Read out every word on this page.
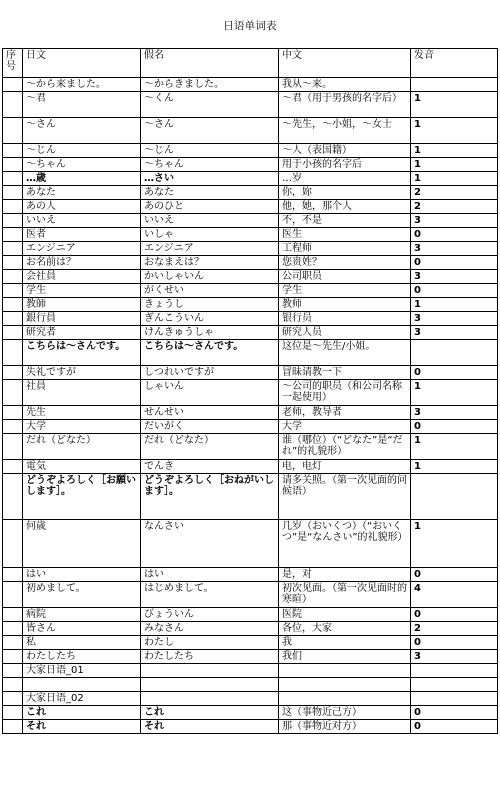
日语单词表
序号	日文	假名	中文	发音
	～から来ました。	～からきました。	我从～来。	
	～君	～くん	～君（用于男孩的名字后）	1
	～さん	～さん	～先生，～小姐，～女士	1
	～じん	～じん	～人（表国籍）	1
	～ちゃん	～ちゃん	用于小孩的名字后	1
	…歳	…さい	…岁	1
	あなた	あなた	你，妳	2
	あの人	あのひと	他，她，那个人	2
	いいえ	いいえ	不，不是	3
	医者	いしゃ	医生	0
	エンジニア	エンジニア	工程师	3
	お名前は？	おなまえは？	您贵姓？	0
	会社員	かいしゃいん	公司职员	3
	学生	がくせい	学生	0
	教師	きょうし	教师	1
	銀行員	ぎんこういん	银行员	3
	研究者	けんきゅうしゃ	研究人员	3
	こちらは～さんです。	こちらは～さんです。	这位是～先生/小姐。	
	失礼ですが	しつれいですが	冒昧请教一下	0
	社員	しゃいん	～公司的职员（和公司名称一起使用）	1
	先生	せんせい	老师，教导者	3
	大学	だいがく	大学	0
	だれ（どなた）	だれ（どなた）	谁（哪位）（“どなた”是“だれ”的礼貌形）	1
	電気	でんき	电，电灯	1
	どうぞよろしく［お願いします］。	どうぞよろしく［おねがいします］。	请多关照。（第一次见面的问候语）	
	何歳	なんさい	几岁（おいくつ）（“おいくつ”是“なんさい”的礼貌形）	1
	はい	はい	是，对	0
	初めまして。	はじめまして。	初次见面。（第一次见面时的寒暄）	4
	病院	びょういん	医院	0
	皆さん	みなさん	各位，大家	2
	私	わたし	我	0
	わたしたち	わたしたち	我们	3
	大家日语_01			

	大家日语_02			
	これ	これ	这（事物近己方）	0
	それ	それ	那（事物近对方）	0
